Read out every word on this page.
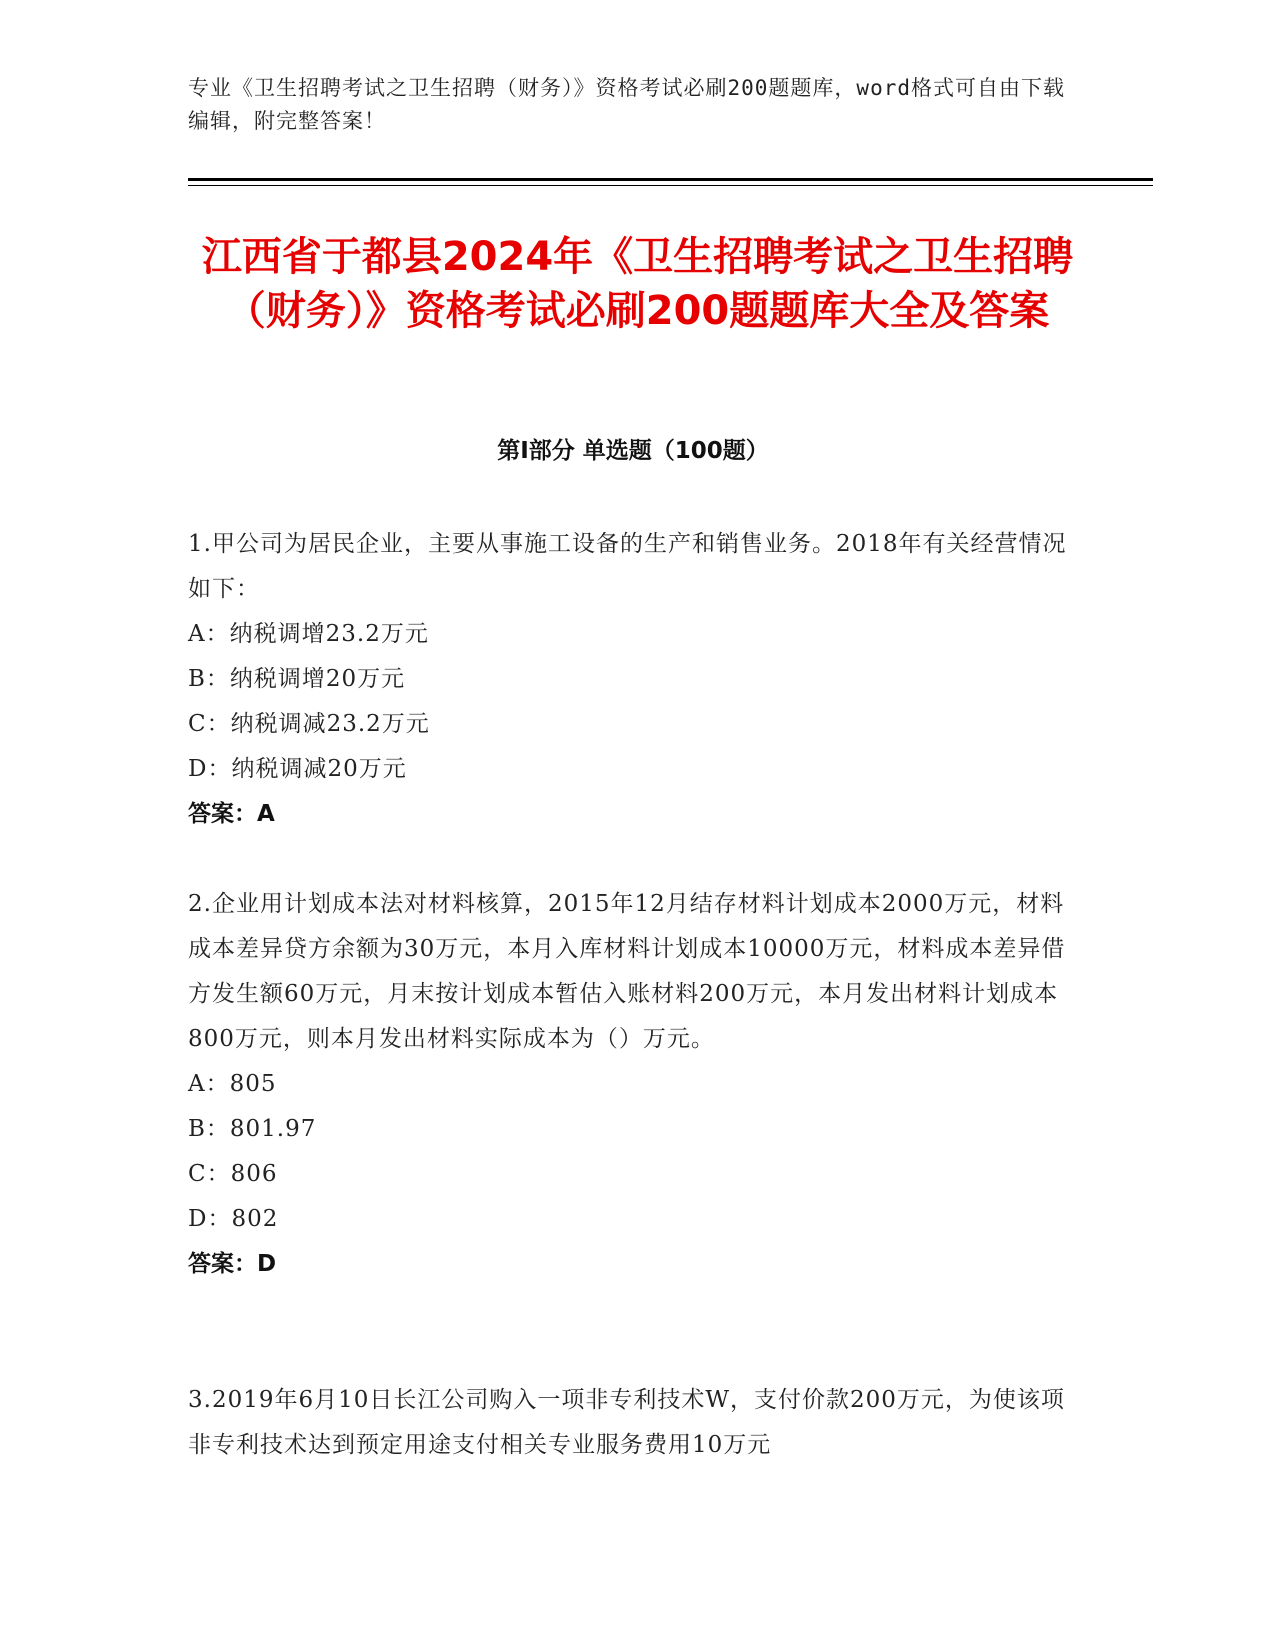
专业《卫生招聘考试之卫生招聘（财务）》资格考试必刷200题题库，word格式可自由下载编辑，附完整答案！
江西省于都县2024年《卫生招聘考试之卫生招聘（财务）》资格考试必刷200题题库大全及答案
第I部分 单选题（100题）
1.甲公司为居民企业，主要从事施工设备的生产和销售业务。2018年有关经营情况如下：
A：纳税调增23.2万元
B：纳税调增20万元
C：纳税调减23.2万元
D：纳税调减20万元
答案：A
2.企业用计划成本法对材料核算，2015年12月结存材料计划成本2000万元，材料成本差异贷方余额为30万元，本月入库材料计划成本10000万元，材料成本差异借方发生额60万元，月末按计划成本暂估入账材料200万元，本月发出材料计划成本800万元，则本月发出材料实际成本为（）万元。
A：805
B：801.97
C：806
D：802
答案：D
3.2019年6月10日长江公司购入一项非专利技术W，支付价款200万元，为使该项非专利技术达到预定用途支付相关专业服务费用10万元
